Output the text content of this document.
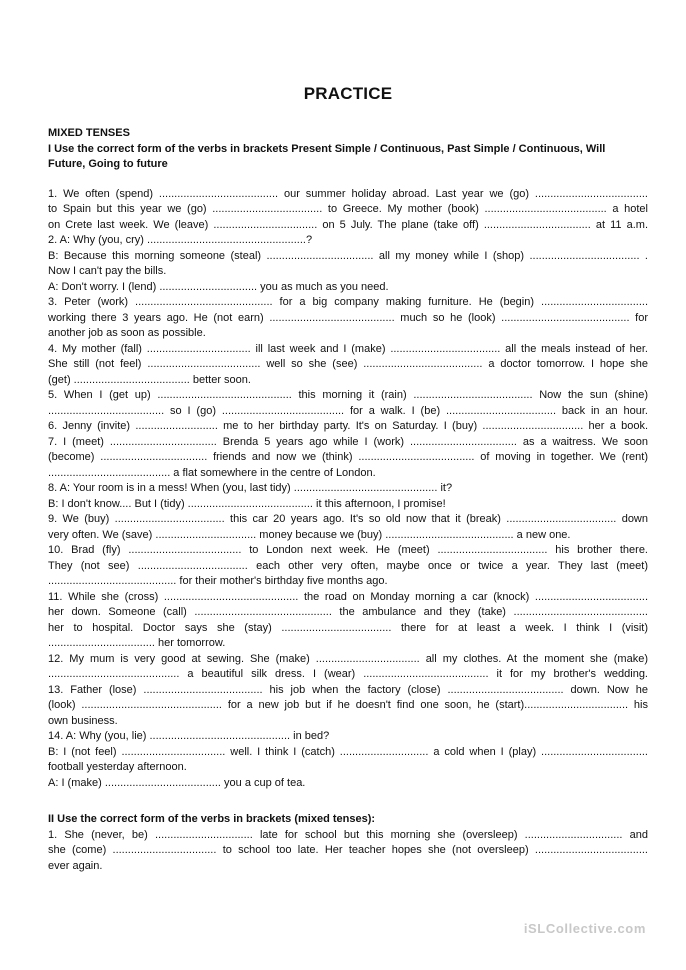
PRACTICE
MIXED TENSES
I Use the correct form of the verbs in brackets Present Simple / Continuous, Past Simple / Continuous, Will
Future, Going to future
1. We often (spend) ....................................... our summer holiday abroad. Last year we (go) .....................................
to Spain but this year we (go) .................................... to Greece. My mother (book) ........................................ a hotel
on Crete last week. We (leave) .................................. on 5 July. The plane (take off) ................................... at 11 a.m.
2. A: Why (you, cry) ....................................................?
B: Because this morning someone (steal) ................................... all my money while I (shop) .................................... .
Now I can't pay the bills.
A: Don't worry. I (lend) ................................ you as much as you need.
3. Peter (work) ............................................. for a big company making furniture. He (begin) ...................................
working there 3 years ago. He (not earn) ......................................... much so he (look) .......................................... for
another job as soon as possible.
4. My mother (fall) .................................. ill last week and I (make) .................................... all the meals instead of her.
She still (not feel) ..................................... well so she (see) ....................................... a doctor tomorrow. I hope she
(get) ...................................... better soon.
5. When I (get up) ............................................ this morning it (rain) ....................................... Now the sun (shine)
...................................... so I (go) ........................................ for a walk. I (be) .................................... back in an hour.
6. Jenny (invite) ........................... me to her birthday party. It's on Saturday. I (buy) ................................. her a book.
7. I (meet) ................................... Brenda 5 years ago while I (work) ................................... as a waitress. We soon
(become) ................................... friends and now we (think) ...................................... of moving in together. We (rent)
........................................ a flat somewhere in the centre of London.
8. A: Your room is in a mess! When (you, last tidy) ............................................... it?
B: I don't know.... But I (tidy) ......................................... it this afternoon, I promise!
9. We (buy) .................................... this car 20 years ago. It's so old now that it (break) .................................... down
very often. We (save) ................................. money because we (buy) .......................................... a new one.
10. Brad (fly) ..................................... to London next week. He (meet) .................................... his brother there.
They (not see) .................................... each other very often, maybe once or twice a year. They last (meet)
.......................................... for their mother's birthday five months ago.
11. While she (cross) ............................................ the road on Monday morning a car (knock) .....................................
her down. Someone (call) ............................................. the ambulance and they (take) ............................................
her to hospital. Doctor says she (stay) .................................... there for at least a week. I think I (visit)
................................... her tomorrow.
12. My mum is very good at sewing. She (make) .................................. all my clothes. At the moment she (make)
........................................... a beautiful silk dress. I (wear) ......................................... it for my brother's wedding.
13. Father (lose) ....................................... his job when the factory (close) ...................................... down. Now he
(look) .............................................. for a new job but if he doesn't find one soon, he (start).................................. his
own business.
14. A: Why (you, lie) .............................................. in bed?
B: I (not feel) .................................. well. I think I (catch) ............................. a cold when I (play) ...................................
football yesterday afternoon.
A: I (make) ...................................... you a cup of tea.
II Use the correct form of the verbs in brackets (mixed tenses):
1. She (never, be) ................................ late for school but this morning she (oversleep) ................................ and
she (come) .................................. to school too late. Her teacher hopes she (not oversleep) .....................................
ever again.
iSLCollective.com
